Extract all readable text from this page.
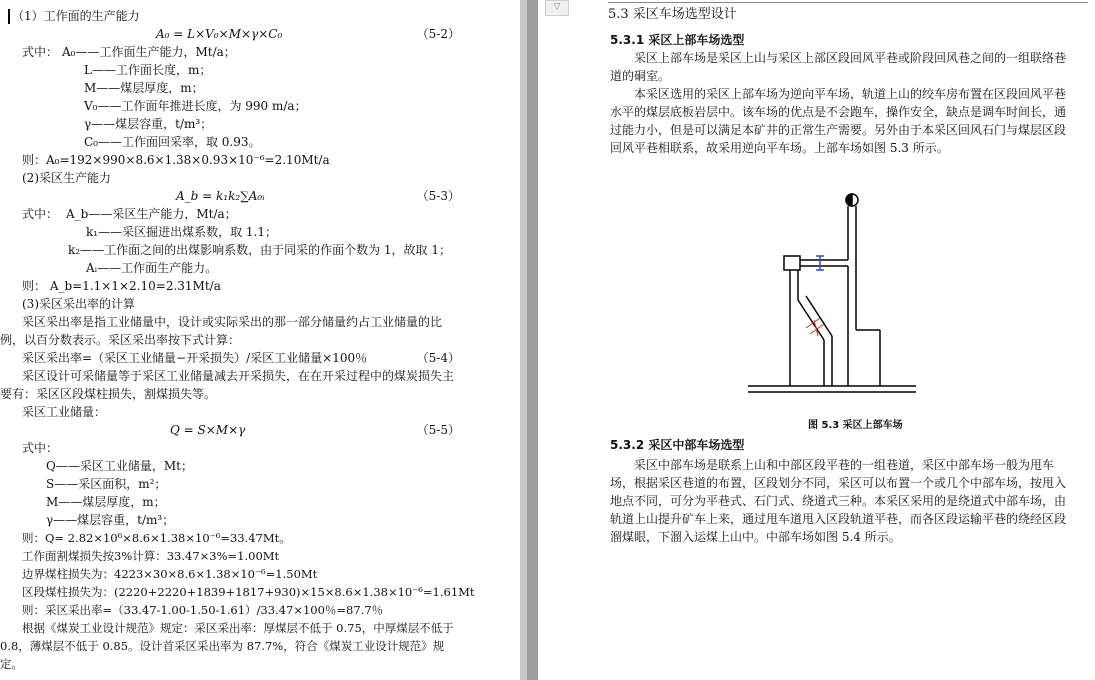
（1）工作面的生产能力
A₀ = L×V₀×M×γ×C₀	（5-2）
式中： A₀——工作面生产能力，Mt/a；
L——工作面长度，m；
M——煤层厚度，m；
V₀——工作面年推进长度，为 990 m/a；
γ——煤层容重，t/m³；
C₀——工作面回采率，取 0.93。
则：A₀=192×990×8.6×1.38×0.93×10⁻⁶=2.10Mt/a
(2)采区生产能力
A_b = k₁k₂∑A₀ᵢ	（5-3）
式中： A_b——采区生产能力，Mt/a；
k₁——采区掘进出煤系数，取 1.1；
k₂——工作面之间的出煤影响系数，由于同采的作面个数为 1，故取 1；
Aᵢ——工作面生产能力。
则： A_b=1.1×1×2.10=2.31Mt/a
(3)采区采出率的计算
采区采出率是指工业储量中，设计或实际采出的那一部分储量约占工业储量的比
例，以百分数表示。采区采出率按下式计算：
采区采出率=（采区工业储量−开采损失）/采区工业储量×100％	（5-4）
采区设计可采储量等于采区工业储量减去开采损失，在在开采过程中的煤炭损失主
要有：采区区段煤柱损失，割煤损失等。
采区工业储量：
Q = S×M×γ	（5-5）
式中：
Q——采区工业储量，Mt；
S——采区面积，m²；
M——煤层厚度，m；
γ——煤层容重，t/m³；
则：Q= 2.82×10⁶×8.6×1.38×10⁻⁶=33.47Mt。
工作面割煤损失按3%计算：33.47×3%=1.00Mt
边界煤柱损失为：4223×30×8.6×1.38×10⁻⁶=1.50Mt
区段煤柱损失为：(2220+2220+1839+1817+930)×15×8.6×1.38×10⁻⁶=1.61Mt
则：采区采出率=（33.47-1.00-1.50-1.61）/33.47×100％=87.7％
根据《煤炭工业设计规范》规定：采区采出率：厚煤层不低于 0.75，中厚煤层不低于
0.8，薄煤层不低于 0.85。设计首采区采出率为 87.7%，符合《煤炭工业设计规范》规
定。
▽	5.3 采区车场选型设计
5.3.1 采区上部车场选型
采区上部车场是采区上山与采区上部区段回风平巷或阶段回风巷之间的一组联络巷
道的硐室。
本采区选用的采区上部车场为逆向平车场，轨道上山的绞车房布置在区段回风平巷
水平的煤层底板岩层中。该车场的优点是不会跑车，操作安全，缺点是调车时间长，通
过能力小，但是可以满足本矿井的正常生产需要。另外由于本采区回风石门与煤层区段
回风平巷相联系，故采用逆向平车场。上部车场如图 5.3 所示。
图 5.3 采区上部车场
5.3.2 采区中部车场选型
采区中部车场是联系上山和中部区段平巷的一组巷道，采区中部车场一般为甩车
场，根据采区巷道的布置，区段划分不同，采区可以布置一个或几个中部车场，按甩入
地点不同，可分为平巷式、石门式、绕道式三种。本采区采用的是绕道式中部车场，由
轨道上山提升矿车上来，通过甩车道甩入区段轨道平巷，而各区段运输平巷的绕经区段
溜煤眼，下溜入运煤上山中。中部车场如图 5.4 所示。
